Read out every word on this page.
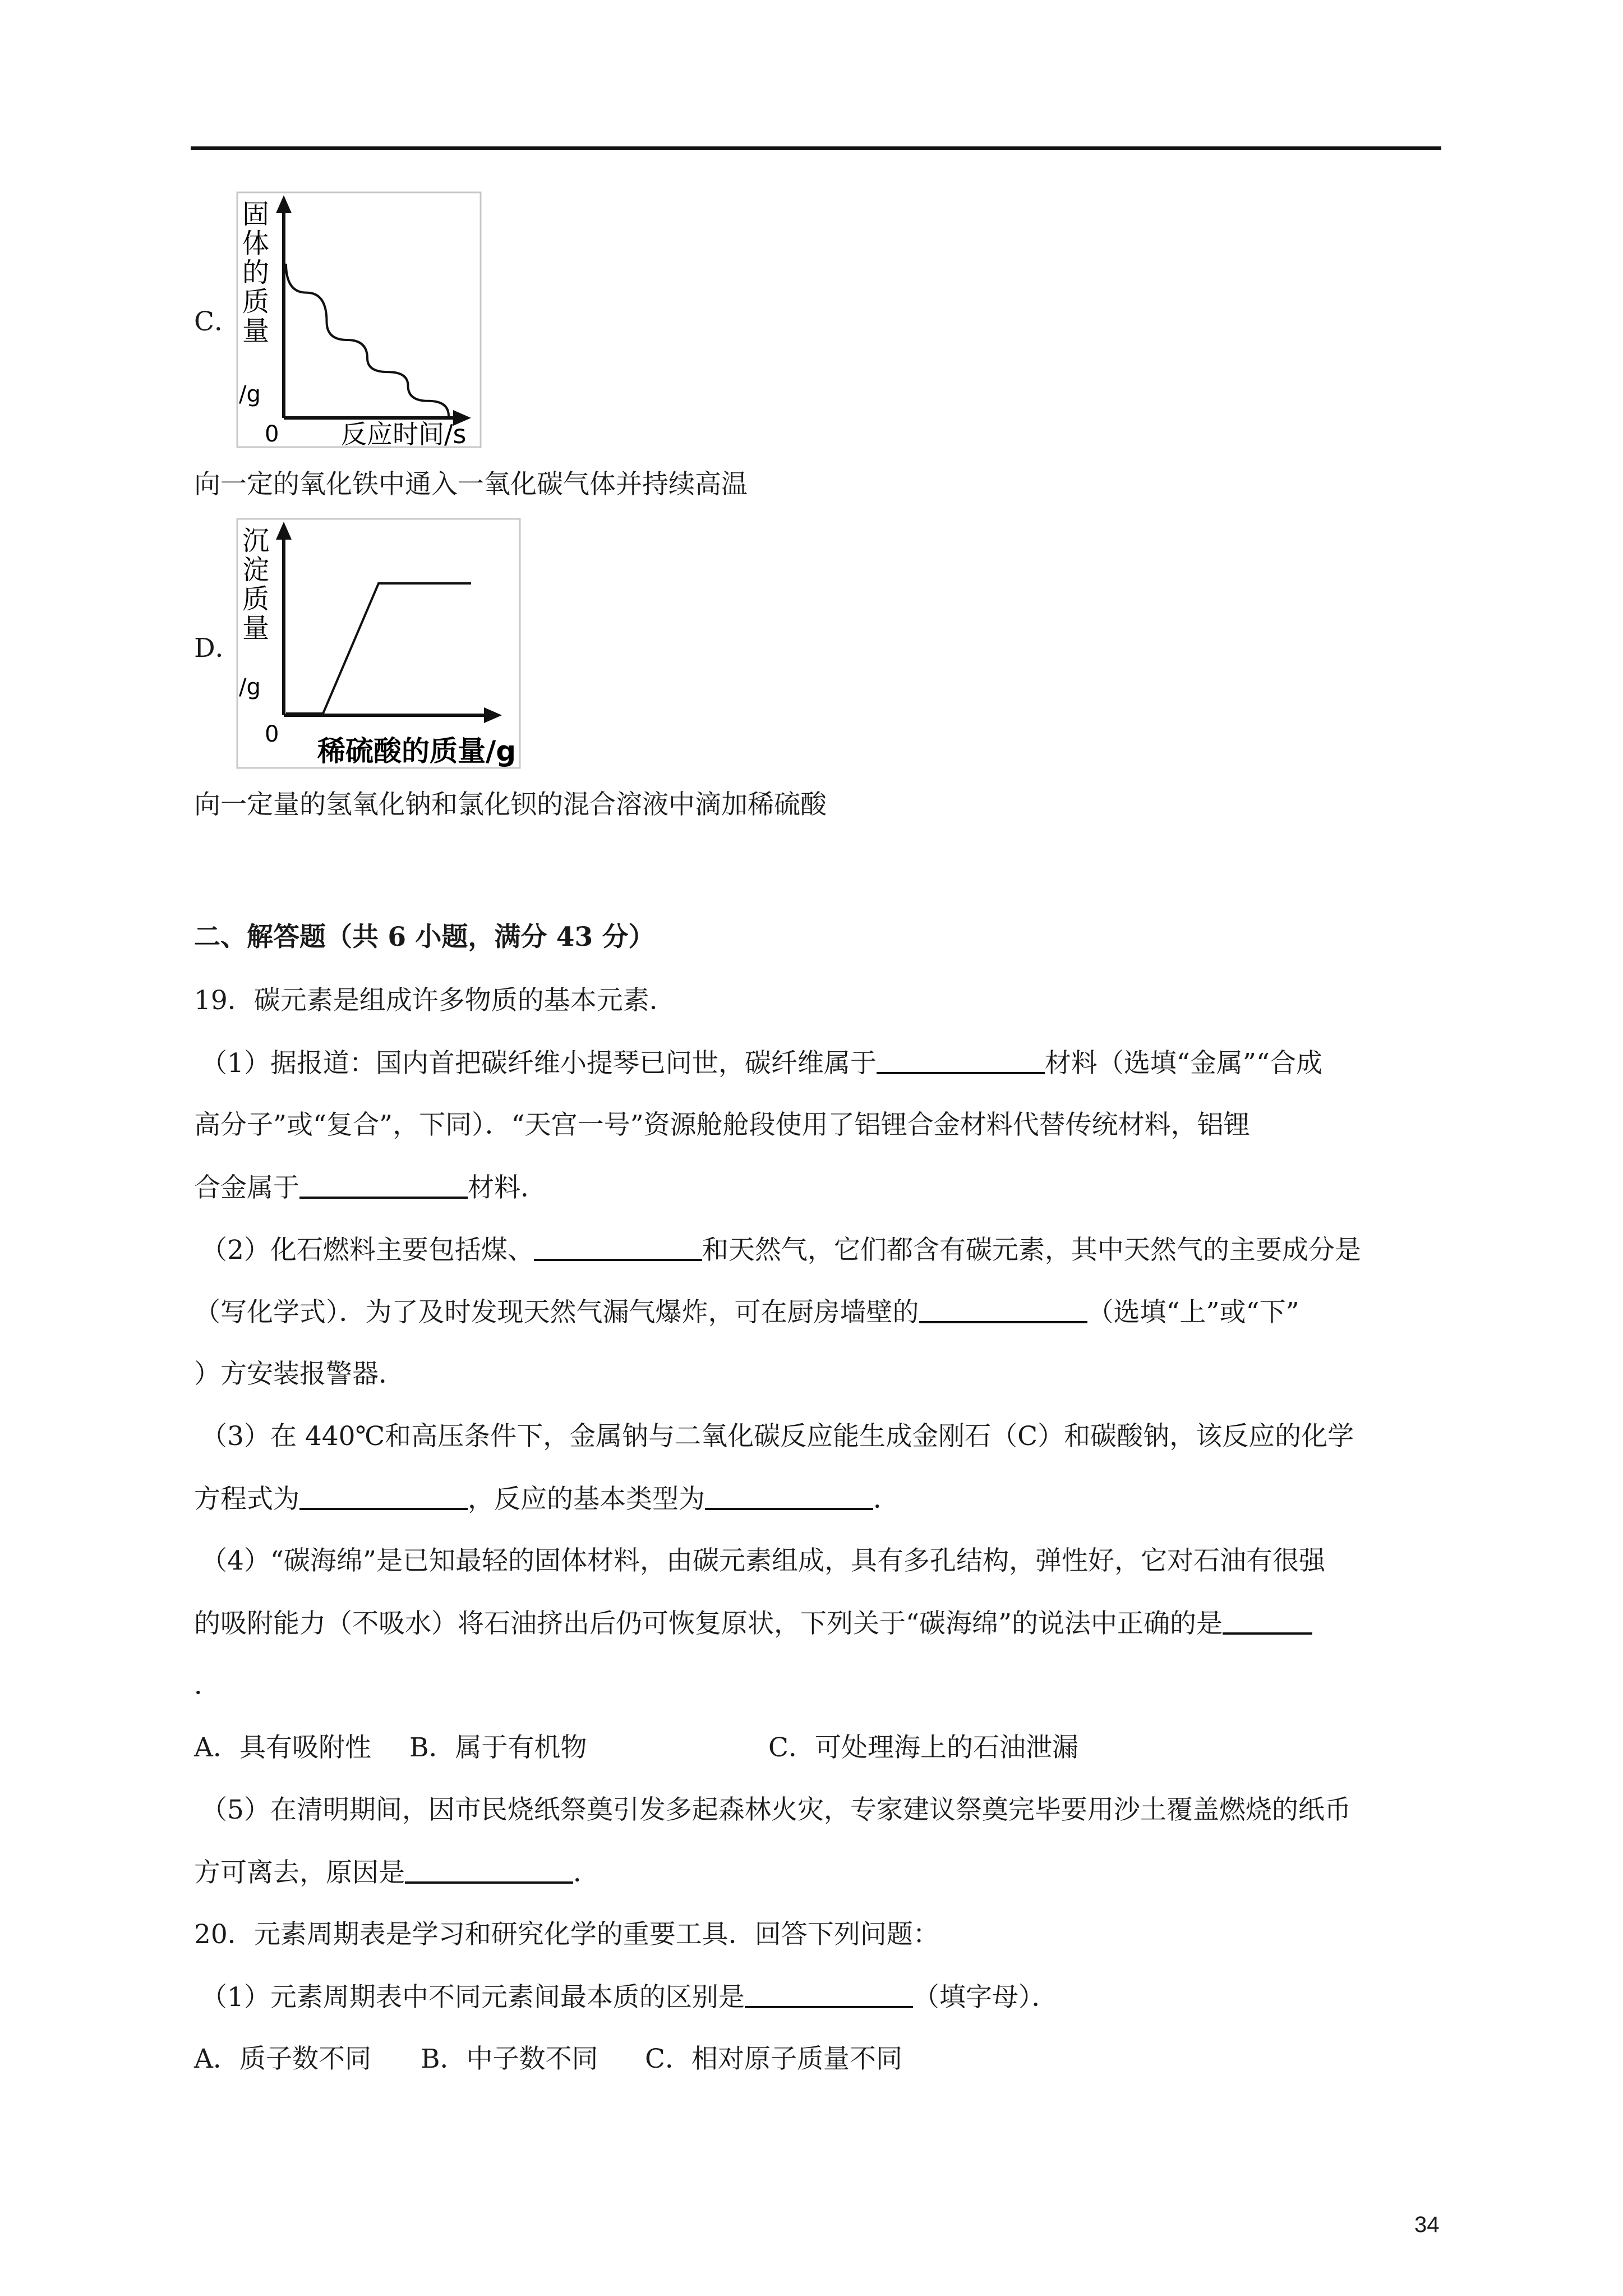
C．
固
体
的
质
量
/g
0 反应时间/s
向一定的氧化铁中通入一氧化碳气体并持续高温
D．
沉
淀
质
量
/g
0
稀硫酸的质量/g
向一定量的氢氧化钠和氯化钡的混合溶液中滴加稀硫酸
二、解答题（共 6 小题，满分 43 分）
19．碳元素是组成许多物质的基本元素．
（1）据报道：国内首把碳纤维小提琴已问世，碳纤维属于	材料（选填“金属”“合成
高分子”或“复合”，下同）．“天宫一号”资源舱舱段使用了铝锂合金材料代替传统材料，铝锂
合金属于	材料．
（2）化石燃料主要包括煤、	和天然气，它们都含有碳元素，其中天然气的主要成分是
（写化学式）．为了及时发现天然气漏气爆炸，可在厨房墙壁的	（选填“上”或“下”
）方安装报警器．
（3）在 440℃和高压条件下，金属钠与二氧化碳反应能生成金刚石（C）和碳酸钠，该反应的化学
方程式为	，反应的基本类型为	．
（4）“碳海绵”是已知最轻的固体材料，由碳元素组成，具有多孔结构，弹性好，它对石油有很强
的吸附能力（不吸水）将石油挤出后仍可恢复原状，下列关于“碳海绵”的说法中正确的是
．
A．具有吸附性 B．属于有机物	C．可处理海上的石油泄漏
（5）在清明期间，因市民烧纸祭奠引发多起森林火灾，专家建议祭奠完毕要用沙土覆盖燃烧的纸币
方可离去，原因是	．
20．元素周期表是学习和研究化学的重要工具．回答下列问题：
（1）元素周期表中不同元素间最本质的区别是	（填字母）．
A．质子数不同 B．中子数不同 C．相对原子质量不同
34
